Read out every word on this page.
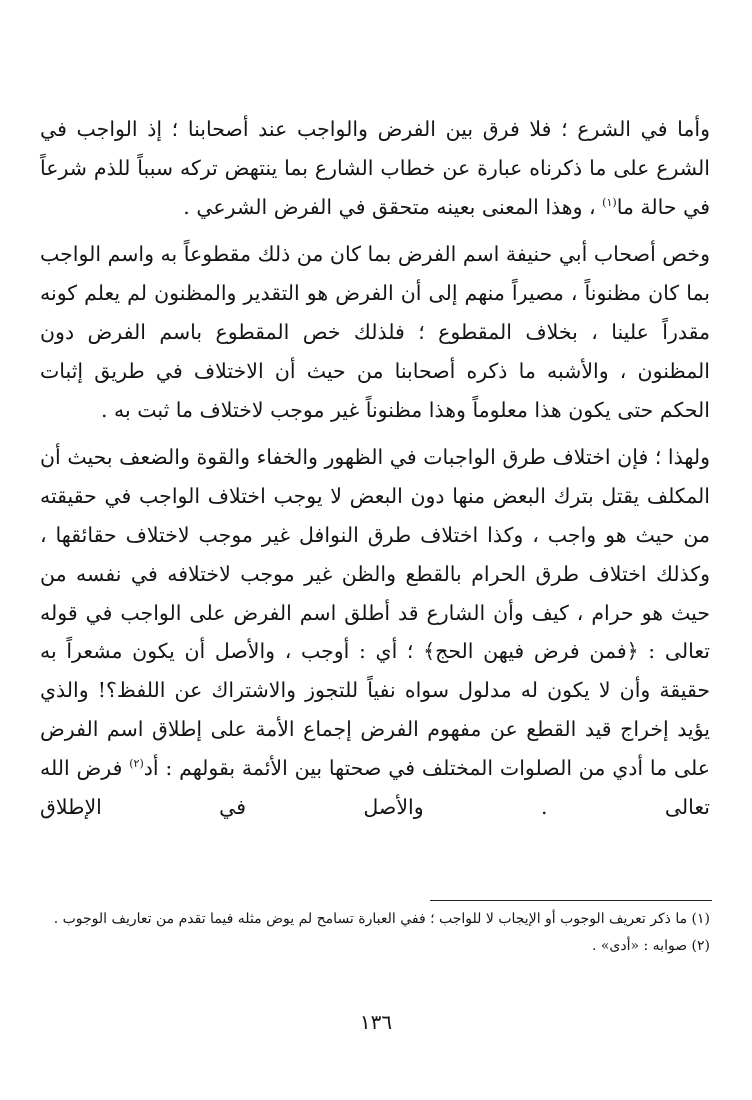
وأما في الشرع ؛ فلا فرق بين الفرض والواجب عند أصحابنا ؛ إذ الواجب في الشرع على ما ذكرناه عبارة عن خطاب الشارع بما ينتهض تركه سبباً للذم شرعاً في حالة ما$^{(١)}$ ، وهذا المعنى بعينه متحقق في الفرض الشرعي .

وخص أصحاب أبي حنيفة اسم الفرض بما كان من ذلك مقطوعاً به واسم الواجب بما كان مظنوناً ، مصيراً منهم إلى أن الفرض هو التقدير والمظنون لم يعلم كونه مقدراً علينا ، بخلاف المقطوع ؛ فلذلك خص المقطوع باسم الفرض دون المظنون ، والأشبه ما ذكره أصحابنا من حيث أن الاختلاف في طريق إثبات الحكم حتى يكون هذا معلوماً وهذا مظنوناً غير موجب لاختلاف ما ثبت به .

ولهذا ؛ فإن اختلاف طرق الواجبات في الظهور والخفاء والقوة والضعف بحيث أن المكلف يقتل بترك البعض منها دون البعض لا يوجب اختلاف الواجب في حقيقته من حيث هو واجب ، وكذا اختلاف طرق النوافل غير موجب لاختلاف حقائقها ، وكذلك اختلاف طرق الحرام بالقطع والظن غير موجب لاختلافه في نفسه من حيث هو حرام ، كيف وأن الشارع قد أطلق اسم الفرض على الواجب في قوله تعالى : ﴿فمن فرض فيهن الحج﴾ ؛ أي : أوجب ، والأصل أن يكون مشعراً به حقيقة وأن لا يكون له مدلول سواه نفياً للتجوز والاشتراك عن اللفظ؟! والذي يؤيد إخراج قيد القطع عن مفهوم الفرض إجماع الأمة على إطلاق اسم الفرض على ما أدي من الصلوات المختلف في صحتها بين الأئمة بقولهم : أد$^{(٢)}$ فرض الله تعالى . والأصل في الإطلاق

(١) ما ذكر تعريف الوجوب أو الإيجاب لا للواجب ؛ ففي العبارة تسامح لم يوض مثله فيما تقدم من تعاريف الوجوب .

(٢) صوابه : «أدى» .

١٣٦
